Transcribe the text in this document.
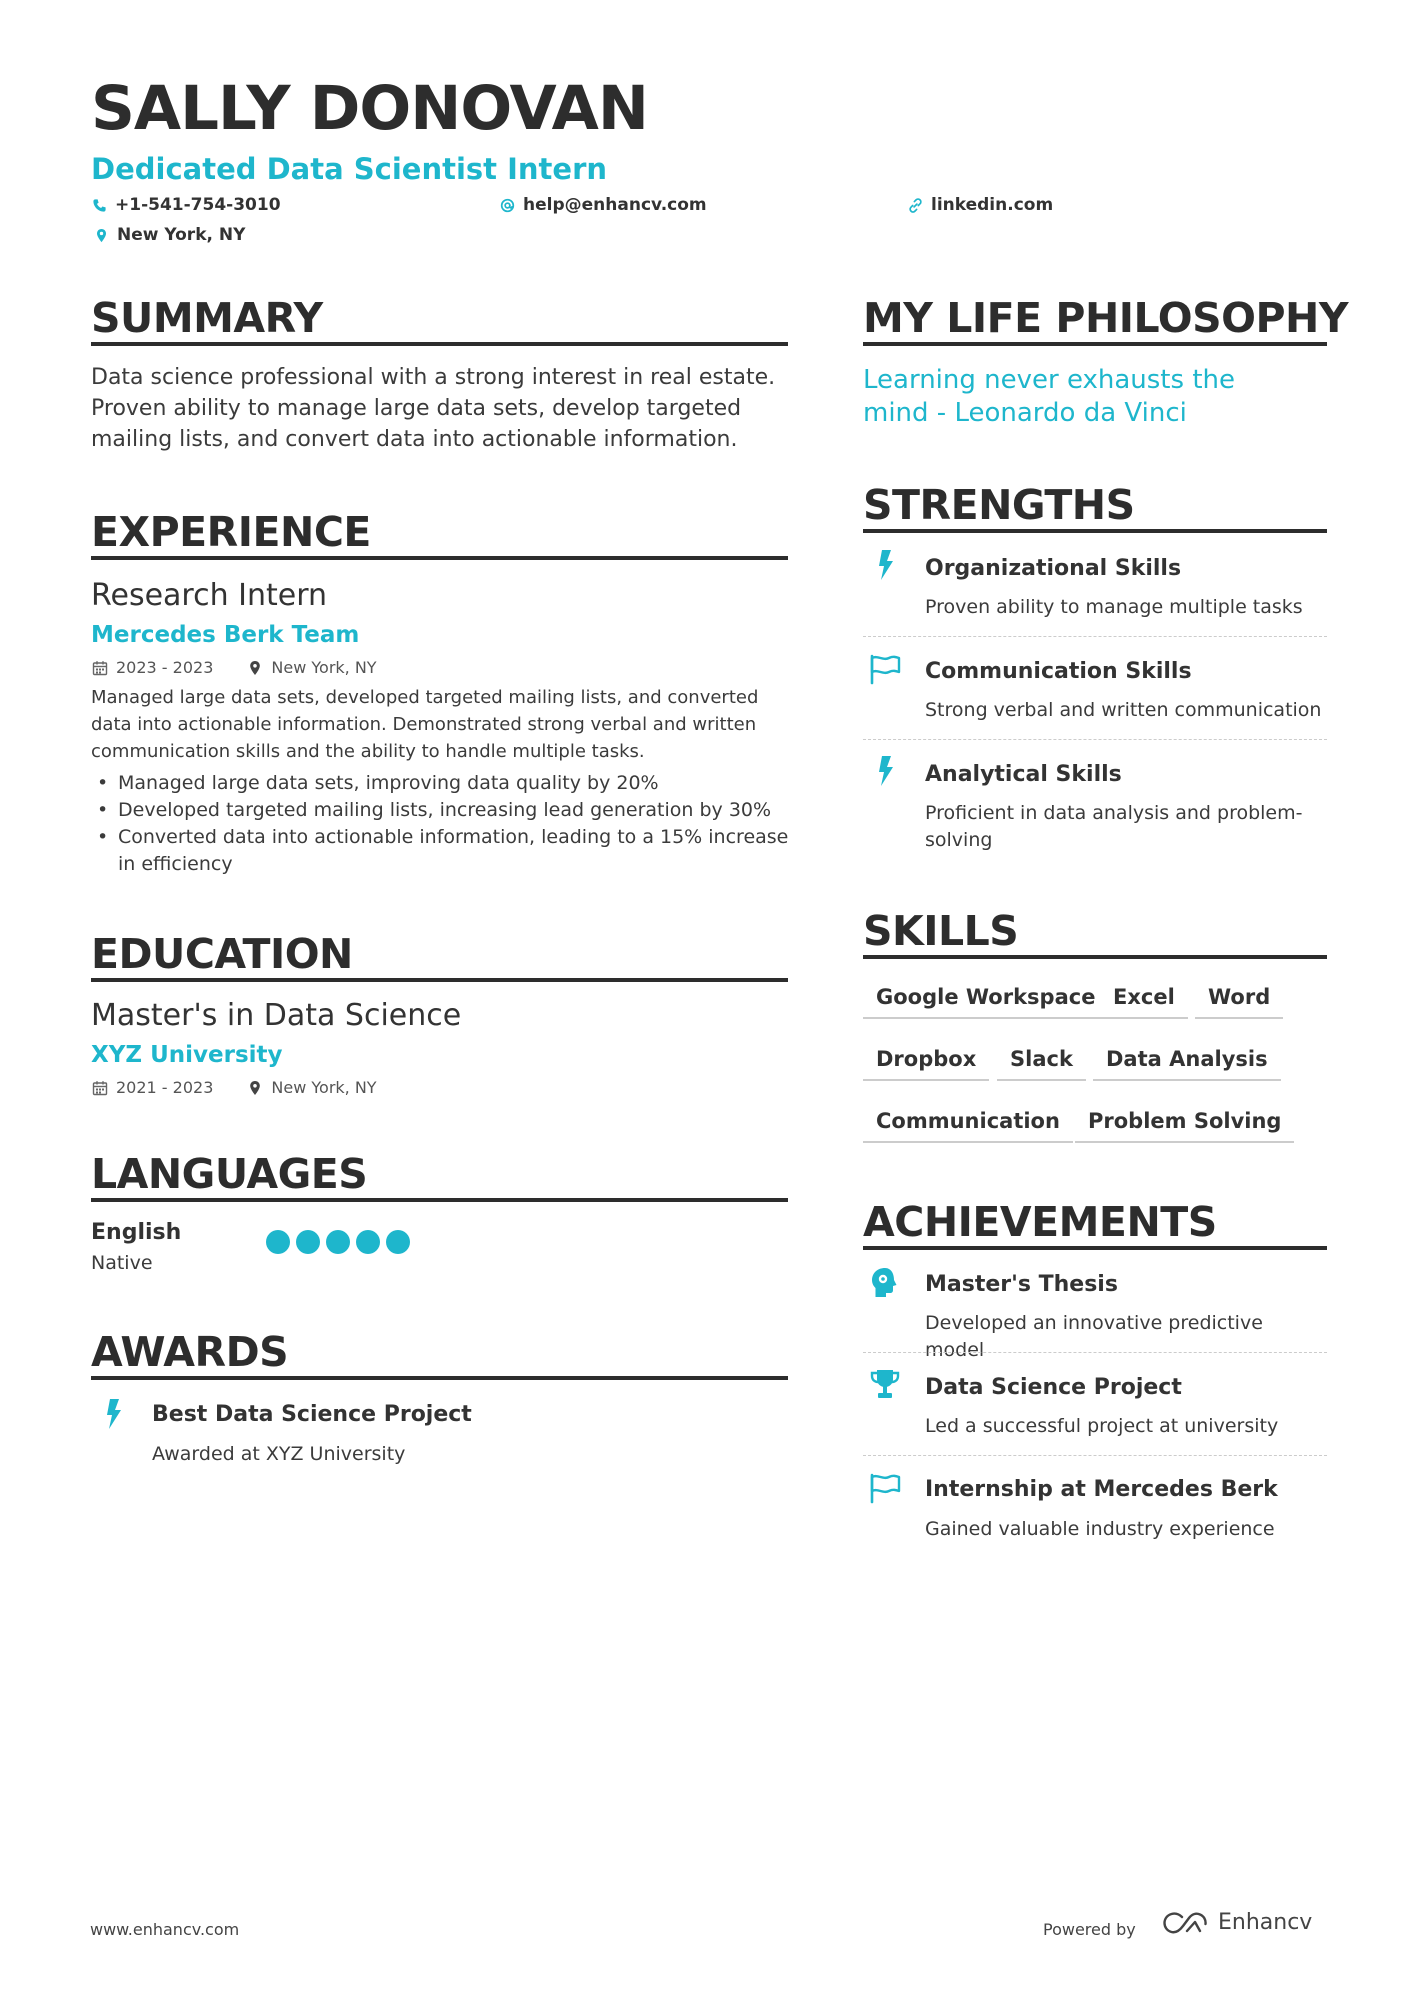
SALLY DONOVAN
Dedicated Data Scientist Intern
+1-541-754-3010	help@enhancv.com	linkedin.com
New York, NY
SUMMARY
Data science professional with a strong interest in real estate. Proven ability to manage large data sets, develop targeted mailing lists, and convert data into actionable information.
EXPERIENCE
Research Intern
Mercedes Berk Team
2023 - 2023	New York, NY
Managed large data sets, developed targeted mailing lists, and converted data into actionable information. Demonstrated strong verbal and written communication skills and the ability to handle multiple tasks.
• Managed large data sets, improving data quality by 20%
• Developed targeted mailing lists, increasing lead generation by 30%
• Converted data into actionable information, leading to a 15% increase in efficiency
EDUCATION
Master's in Data Science
XYZ University
2021 - 2023	New York, NY
LANGUAGES
English
Native
AWARDS
Best Data Science Project
Awarded at XYZ University
MY LIFE PHILOSOPHY
Learning never exhausts the mind - Leonardo da Vinci
STRENGTHS
Organizational Skills
Proven ability to manage multiple tasks
Communication Skills
Strong verbal and written communication
Analytical Skills
Proficient in data analysis and problem-solving
SKILLS
Google Workspace Excel	Word
Dropbox	Slack	Data Analysis
Communication	Problem Solving
ACHIEVEMENTS
Master's Thesis
Developed an innovative predictive model
Data Science Project
Led a successful project at university
Internship at Mercedes Berk
Gained valuable industry experience
www.enhancv.com	Powered by	Enhancv
